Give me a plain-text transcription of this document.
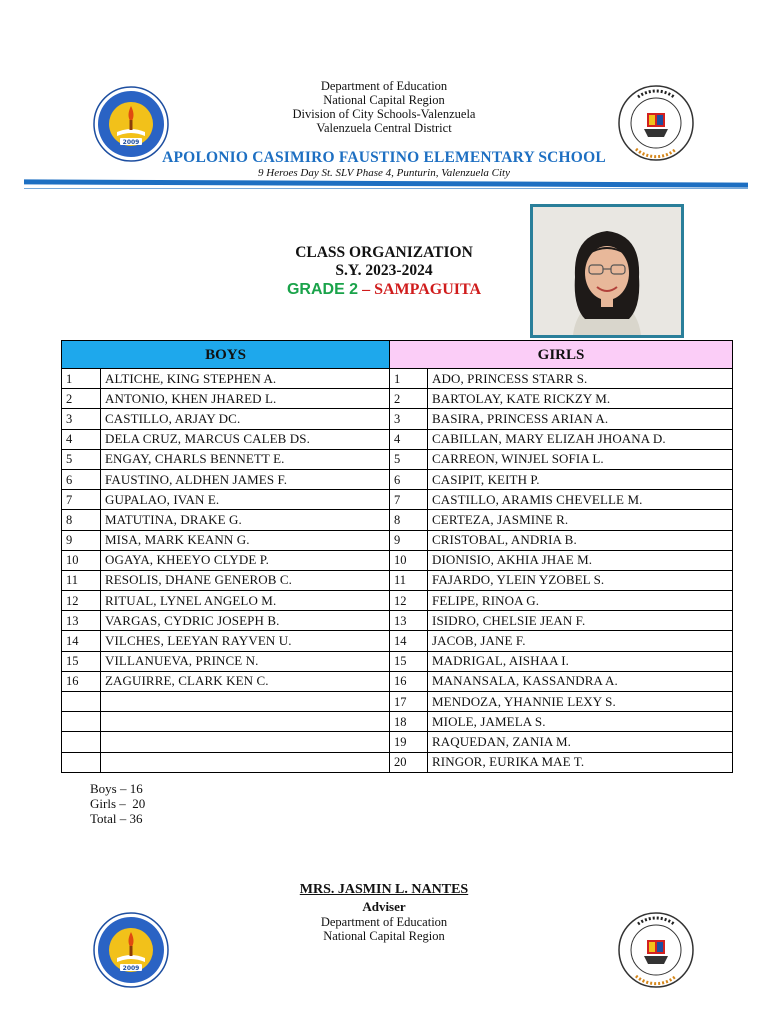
Department of Education
National Capital Region
Division of City Schools-Valenzuela
Valenzuela Central District
2009
APOLONIO CASIMIRO FAUSTINO ELEMENTARY SCHOOL
9 Heroes Day St. SLV Phase 4, Punturin, Valenzuela City
CLASS ORGANIZATION
S.Y. 2023-2024
GRADE 2 – SAMPAGUITA
BOYS		GIRLS	
1	ALTICHE, KING STEPHEN A.	1	ADO, PRINCESS STARR S.
2	ANTONIO, KHEN JHARED L.	2	BARTOLAY, KATE RICKZY M.
3	CASTILLO, ARJAY DC.	3	BASIRA, PRINCESS ARIAN A.
4	DELA CRUZ, MARCUS CALEB DS.	4	CABILLAN, MARY ELIZAH JHOANA D.
5	ENGAY, CHARLS BENNETT E.	5	CARREON, WINJEL SOFIA L.
6	FAUSTINO, ALDHEN JAMES F.	6	CASIPIT, KEITH P.
7	GUPALAO, IVAN E.	7	CASTILLO, ARAMIS CHEVELLE M.
8	MATUTINA, DRAKE G.	8	CERTEZA, JASMINE R.
9	MISA, MARK KEANN G.	9	CRISTOBAL, ANDRIA B.
10	OGAYA, KHEEYO CLYDE P.	10	DIONISIO, AKHIA JHAE M.
11	RESOLIS, DHANE GENEROB C.	11	FAJARDO, YLEIN YZOBEL S.
12	RITUAL, LYNEL ANGELO M.	12	FELIPE, RINOA G.
13	VARGAS, CYDRIC JOSEPH B.	13	ISIDRO, CHELSIE JEAN F.
14	VILCHES, LEEYAN RAYVEN U.	14	JACOB, JANE F.
15	VILLANUEVA, PRINCE N.	15	MADRIGAL, AISHAA I.
16	ZAGUIRRE, CLARK KEN C.	16	MANANSALA, KASSANDRA A.
		17	MENDOZA, YHANNIE LEXY S.
		18	MIOLE, JAMELA S.
		19	RAQUEDAN, ZANIA M.
		20	RINGOR, EURIKA MAE T.
Boys – 16
Girls –  20
Total – 36
MRS. JASMIN L. NANTES
Adviser
Department of Education
National Capital Region
2009
